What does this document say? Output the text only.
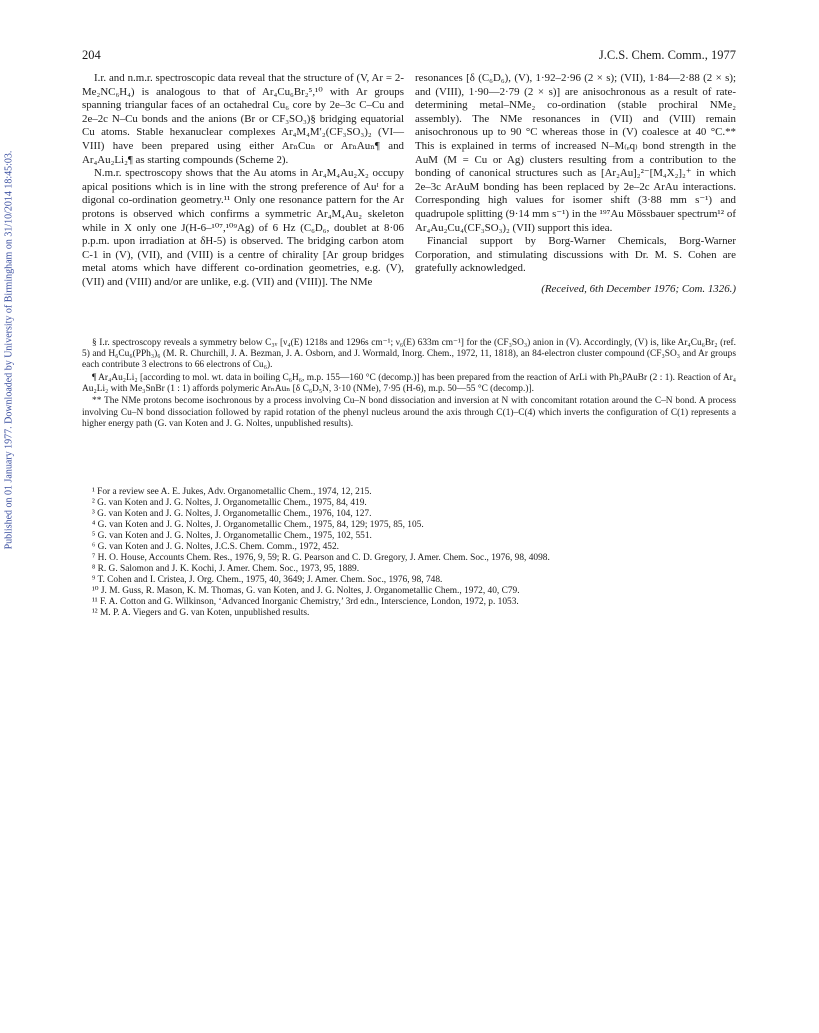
Published on 01 January 1977. Downloaded by University of Birmingham on 31/10/2014 18:45:03.
204	J.C.S. Chem. Comm., 1977

I.r. and n.m.r. spectroscopic data reveal that the structure of (V, Ar = 2-Me₂NC₆H₄) is analogous to that of Ar₄Cu₆Br₂⁵,¹⁰ with Ar groups spanning triangular faces of an octahedral Cu₆ core by 2e–3c C–Cu and 2e–2c N–Cu bonds and the anions (Br or CF₃SO₃)§ bridging equatorial Cu atoms. Stable hexanuclear complexes Ar₄M₄M′₂(CF₃SO₃)₂ (VI—VIII) have been prepared using either ArₙCuₙ or ArₙAuₙ¶ and Ar₄Au₂Li₂¶ as starting compounds (Scheme 2).

N.m.r. spectroscopy shows that the Au atoms in Ar₄M₄Au₂X₂ occupy apical positions which is in line with the strong preference of Auᴵ for a digonal co-ordination geometry.¹¹ Only one resonance pattern for the Ar protons is observed which confirms a symmetric Ar₄M₄Au₂ skeleton while in X only one J(H-6–¹⁰⁷,¹⁰⁹Ag) of 6 Hz (C₆D₆, doublet at 8·06 p.p.m. upon irradiation at δH-5) is observed. The bridging carbon atom C-1 in (V), (VII), and (VIII) is a centre of chirality [Ar group bridges metal atoms which have different co-ordination geometries, e.g. (V), (VII) and (VIII) and/or are unlike, e.g. (VII) and (VIII)]. The NMe

resonances [δ (C₆D₆), (V), 1·92–2·96 (2 × s); (VII), 1·84—2·88 (2 × s); and (VIII), 1·90—2·79 (2 × s)] are anisochronous as a result of rate-determining metal–NMe₂ co-ordination (stable prochiral NMe₂ assembly). The NMe resonances in (VII) and (VIII) remain anisochronous up to 90 °C whereas those in (V) coalesce at 40 °C.** This is explained in terms of increased N–M₍ₑq₎ bond strength in the AuM (M = Cu or Ag) clusters resulting from a contribution to the bonding of canonical structures such as [Ar₂Au]₂²⁻[M₄X₂]₂⁺ in which 2e–3c ArAuM bonding has been replaced by 2e–2c ArAu interactions. Corresponding high values for isomer shift (3·88 mm s⁻¹) and quadrupole splitting (9·14 mm s⁻¹) in the ¹⁹⁷Au Mössbauer spectrum¹² of Ar₄Au₂Cu₄(CF₃SO₃)₂ (VII) support this idea.

Financial support by Borg-Warner Chemicals, Borg-Warner Corporation, and stimulating discussions with Dr. M. S. Cohen are gratefully acknowledged.

(Received, 6th December 1976; Com. 1326.)

§ I.r. spectroscopy reveals a symmetry below C₃ᵥ [ν₄(E) 1218s and 1296s cm⁻¹; ν₆(E) 633m cm⁻¹] for the (CF₃SO₃) anion in (V). Accordingly, (V) is, like Ar₄Cu₆Br₂ (ref. 5) and H₆Cu₆(PPh₃)₆ (M. R. Churchill, J. A. Bezman, J. A. Osborn, and J. Wormald, Inorg. Chem., 1972, 11, 1818), an 84-electron cluster compound (CF₃SO₃ and Ar groups each contribute 3 electrons to 66 electrons of Cu₆).

¶ Ar₄Au₂Li₂ [according to mol. wt. data in boiling C₆H₆, m.p. 155—160 °C (decomp.)] has been prepared from the reaction of ArLi with Ph₃PAuBr (2 : 1). Reaction of Ar₄ Au₂Li₂ with Me₃SnBr (1 : 1) affords polymeric ArₙAuₙ [δ C₆D₅N, 3·10 (NMe), 7·95 (H-6), m.p. 50—55 °C (decomp.)].

** The NMe protons become isochronous by a process involving Cu–N bond dissociation and inversion at N with concomitant rotation around the C–N bond. A process involving Cu–N bond dissociation followed by rapid rotation of the phenyl nucleus around the axis through C(1)–C(4) which inverts the configuration of C(1) represents a higher energy path (G. van Koten and J. G. Noltes, unpublished results).

¹ For a review see A. E. Jukes, Adv. Organometallic Chem., 1974, 12, 215.
² G. van Koten and J. G. Noltes, J. Organometallic Chem., 1975, 84, 419.
³ G. van Koten and J. G. Noltes, J. Organometallic Chem., 1976, 104, 127.
⁴ G. van Koten and J. G. Noltes, J. Organometallic Chem., 1975, 84, 129; 1975, 85, 105.
⁵ G. van Koten and J. G. Noltes, J. Organometallic Chem., 1975, 102, 551.
⁶ G. van Koten and J. G. Noltes, J.C.S. Chem. Comm., 1972, 452.
⁷ H. O. House, Accounts Chem. Res., 1976, 9, 59; R. G. Pearson and C. D. Gregory, J. Amer. Chem. Soc., 1976, 98, 4098.
⁸ R. G. Salomon and J. K. Kochi, J. Amer. Chem. Soc., 1973, 95, 1889.
⁹ T. Cohen and I. Cristea, J. Org. Chem., 1975, 40, 3649; J. Amer. Chem. Soc., 1976, 98, 748.
¹⁰ J. M. Guss, R. Mason, K. M. Thomas, G. van Koten, and J. G. Noltes, J. Organometallic Chem., 1972, 40, C79.
¹¹ F. A. Cotton and G. Wilkinson, ‘Advanced Inorganic Chemistry,’ 3rd edn., Interscience, London, 1972, p. 1053.
¹² M. P. A. Viegers and G. van Koten, unpublished results.
